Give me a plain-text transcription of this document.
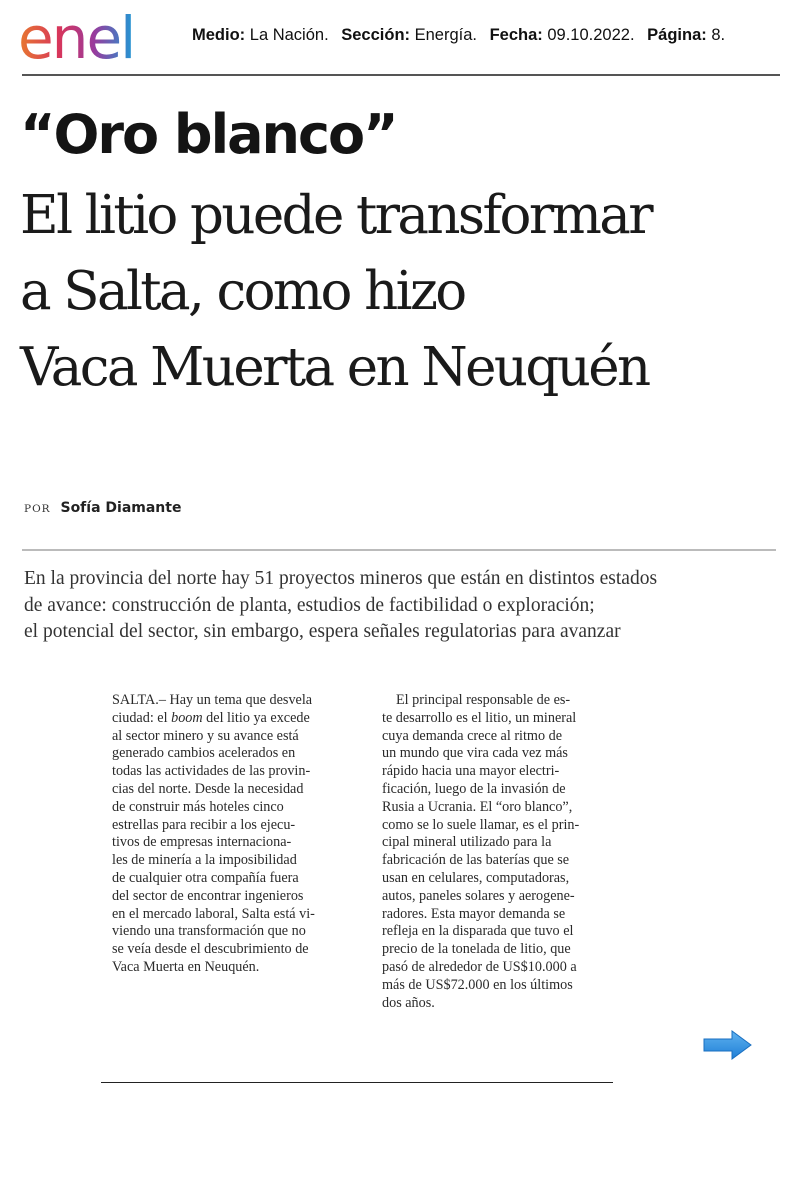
enel	Medio: La Nación. Sección: Energía. Fecha: 09.10.2022. Página: 8.
“Oro blanco”
El litio puede transformar
a Salta, como hizo
Vaca Muerta en Neuquén
POR Sofía Diamante
En la provincia del norte hay 51 proyectos mineros que están en distintos estados
de avance: construcción de planta, estudios de factibilidad o exploración;
el potencial del sector, sin embargo, espera señales regulatorias para avanzar
SALTA.– Hay un tema que desvela
ciudad: el boom del litio ya excede
al sector minero y su avance está
generado cambios acelerados en
todas las actividades de las provin-
cias del norte. Desde la necesidad
de construir más hoteles cinco
estrellas para recibir a los ejecu-
tivos de empresas internaciona-
les de minería a la imposibilidad
de cualquier otra compañía fuera
del sector de encontrar ingenieros
en el mercado laboral, Salta está vi-
viendo una transformación que no
se veía desde el descubrimiento de
Vaca Muerta en Neuquén.
El principal responsable de es-
te desarrollo es el litio, un mineral
cuya demanda crece al ritmo de
un mundo que vira cada vez más
rápido hacia una mayor electri-
ficación, luego de la invasión de
Rusia a Ucrania. El “oro blanco”,
como se lo suele llamar, es el prin-
cipal mineral utilizado para la
fabricación de las baterías que se
usan en celulares, computadoras,
autos, paneles solares y aerogene-
radores. Esta mayor demanda se
refleja en la disparada que tuvo el
precio de la tonelada de litio, que
pasó de alrededor de US$10.000 a
más de US$72.000 en los últimos
dos años.
